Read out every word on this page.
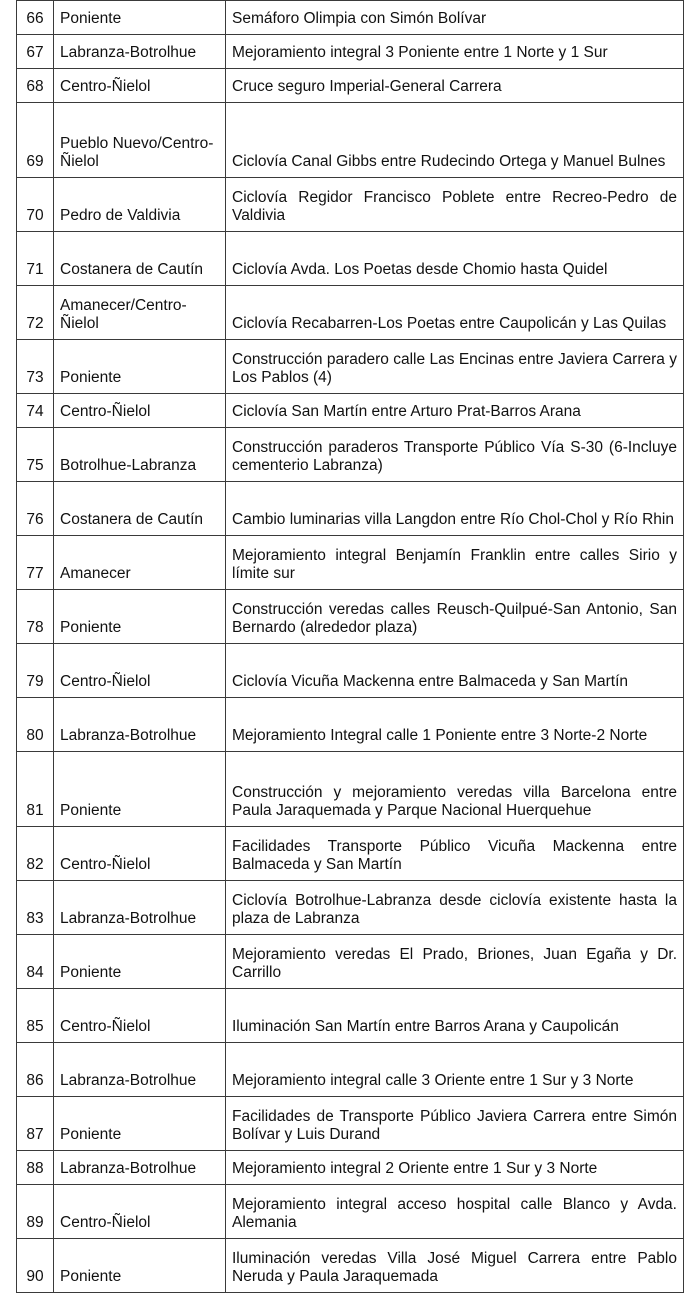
66	Poniente	Semáforo Olimpia con Simón Bolívar
67	Labranza-Botrolhue	Mejoramiento integral 3 Poniente entre 1 Norte y 1 Sur
68	Centro-Ñielol	Cruce seguro Imperial-General Carrera
69	Pueblo Nuevo/Centro-Ñielol	Ciclovía Canal Gibbs entre Rudecindo Ortega y Manuel Bulnes
70	Pedro de Valdivia	Ciclovía Regidor Francisco Poblete entre Recreo-Pedro de Valdivia
71	Costanera de Cautín	Ciclovía Avda. Los Poetas desde Chomio hasta Quidel
72	Amanecer/Centro-Ñielol	Ciclovía Recabarren-Los Poetas entre Caupolicán y Las Quilas
73	Poniente	Construcción paradero calle Las Encinas entre Javiera Carrera y Los Pablos (4)
74	Centro-Ñielol	Ciclovía San Martín entre Arturo Prat-Barros Arana
75	Botrolhue-Labranza	Construcción paraderos Transporte Público Vía S-30 (6-Incluye cementerio Labranza)
76	Costanera de Cautín	Cambio luminarias villa Langdon entre Río Chol-Chol y Río Rhin
77	Amanecer	Mejoramiento integral Benjamín Franklin entre calles Sirio y límite sur
78	Poniente	Construcción veredas calles Reusch-Quilpué-San Antonio, San Bernardo (alrededor plaza)
79	Centro-Ñielol	Ciclovía Vicuña Mackenna entre Balmaceda y San Martín
80	Labranza-Botrolhue	Mejoramiento Integral calle 1 Poniente entre 3 Norte-2 Norte
81	Poniente	Construcción y mejoramiento veredas villa Barcelona entre Paula Jaraquemada y Parque Nacional Huerquehue
82	Centro-Ñielol	Facilidades Transporte Público Vicuña Mackenna entre Balmaceda y San Martín
83	Labranza-Botrolhue	Ciclovía Botrolhue-Labranza desde ciclovía existente hasta la plaza de Labranza
84	Poniente	Mejoramiento veredas El Prado, Briones, Juan Egaña y Dr. Carrillo
85	Centro-Ñielol	Iluminación San Martín entre Barros Arana y Caupolicán
86	Labranza-Botrolhue	Mejoramiento integral calle 3 Oriente entre 1 Sur y 3 Norte
87	Poniente	Facilidades de Transporte Público Javiera Carrera entre Simón Bolívar y Luis Durand
88	Labranza-Botrolhue	Mejoramiento integral 2 Oriente entre 1 Sur y 3 Norte
89	Centro-Ñielol	Mejoramiento integral acceso hospital calle Blanco y Avda. Alemania
90	Poniente	Iluminación veredas Villa José Miguel Carrera entre Pablo Neruda y Paula Jaraquemada
